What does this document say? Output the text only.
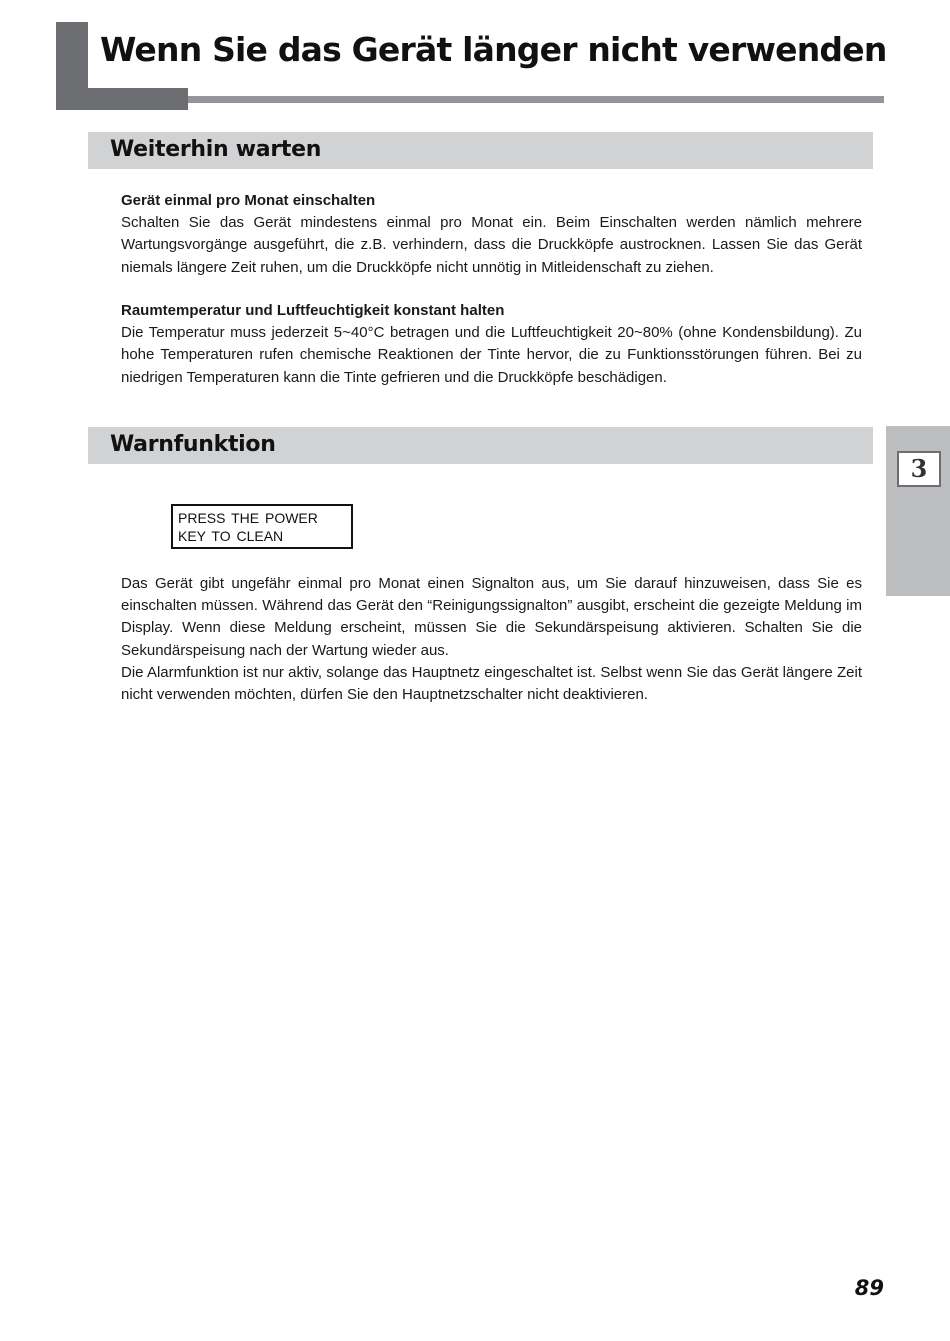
Wenn Sie das Gerät länger nicht verwenden
Weiterhin warten
Gerät einmal pro Monat einschalten

Schalten Sie das Gerät mindestens einmal pro Monat ein. Beim Einschalten werden nämlich mehrere Wartungsvorgänge ausgeführt, die z.B. verhindern, dass die Druckköpfe austrocknen. Lassen Sie das Gerät niemals längere Zeit ruhen, um die Druckköpfe nicht unnötig in Mitleidenschaft zu ziehen.

Raumtemperatur und Luftfeuchtigkeit konstant halten

Die Temperatur muss jederzeit 5~40°C betragen und die Luftfeuchtigkeit 20~80% (ohne Kondensbildung). Zu hohe Temperaturen rufen chemische Reaktionen der Tinte hervor, die zu Funktionsstörungen führen. Bei zu niedrigen Temperaturen kann die Tinte gefrieren und die Druckköpfe beschädigen.

Warnfunktion
PRESS THE POWER
KEY TO CLEAN

Das Gerät gibt ungefähr einmal pro Monat einen Signalton aus, um Sie darauf hinzuweisen, dass Sie es einschalten müssen. Während das Gerät den “Reinigungssignalton” ausgibt, erscheint die gezeigte Meldung im Display. Wenn diese Meldung erscheint, müssen Sie die Sekundärspeisung aktivieren. Schalten Sie die Sekundärspeisung nach der Wartung wieder aus.

Die Alarmfunktion ist nur aktiv, solange das Hauptnetz eingeschaltet ist. Selbst wenn Sie das Gerät längere Zeit nicht verwenden möchten, dürfen Sie den Hauptnetzschalter nicht deaktivieren.

3
89
